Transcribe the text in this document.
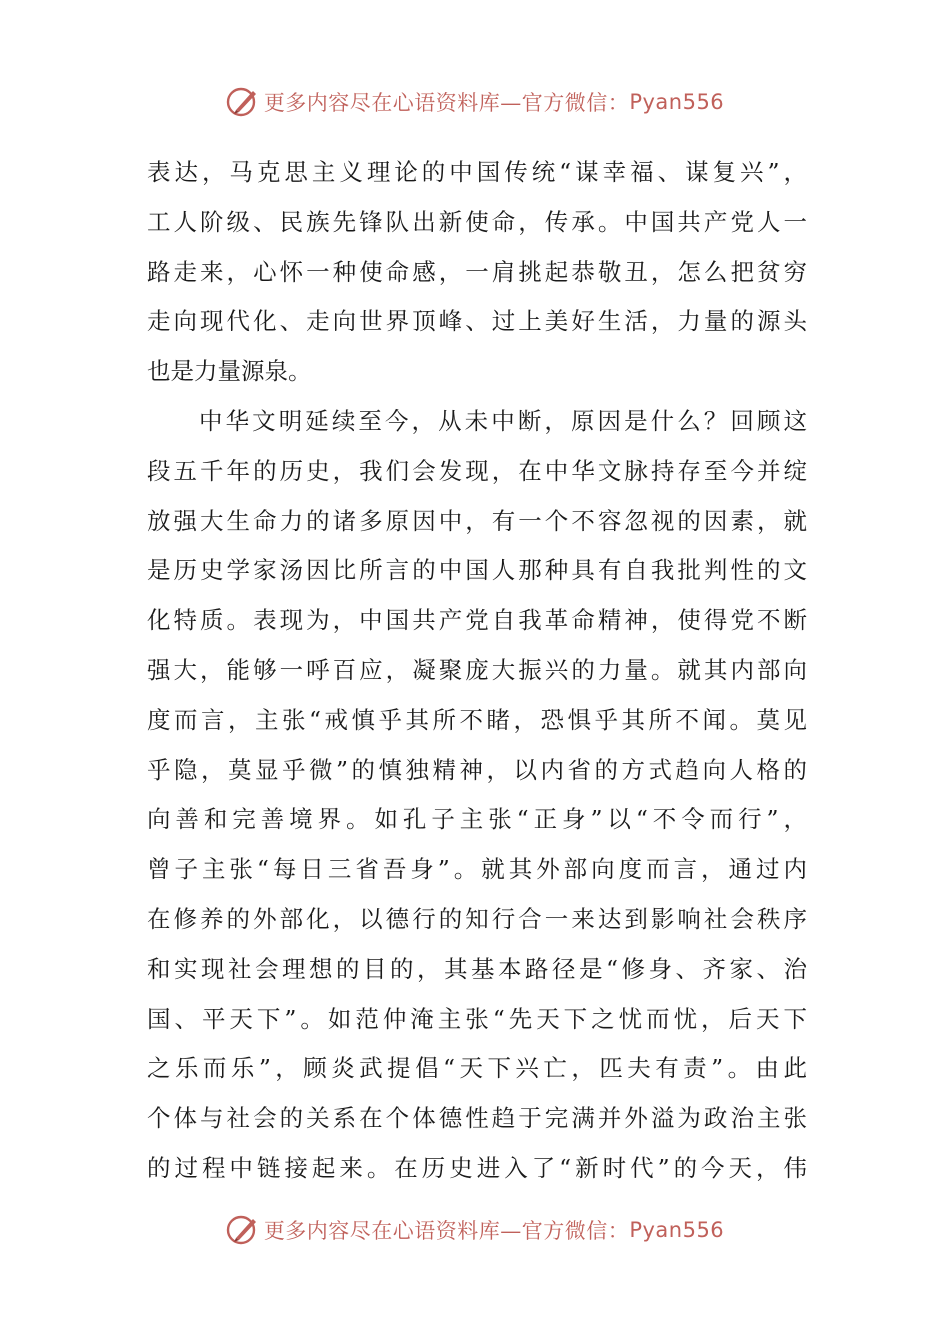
更多内容尽在心语资料库—官方微信： Pyan556
表达，马克思主义理论的中国传统“谋幸福、谋复兴”，
工人阶级、民族先锋队出新使命，传承。中国共产党人一
路走来，心怀一种使命感，一肩挑起恭敬丑，怎么把贫穷
走向现代化、走向世界顶峰、过上美好生活，力量的源头
也是力量源泉。
中华文明延续至今，从未中断，原因是什么？回顾这
段五千年的历史，我们会发现，在中华文脉持存至今并绽
放强大生命力的诸多原因中，有一个不容忽视的因素，就
是历史学家汤因比所言的中国人那种具有自我批判性的文
化特质。表现为，中国共产党自我革命精神，使得党不断
强大，能够一呼百应，凝聚庞大振兴的力量。就其内部向
度而言，主张“戒慎乎其所不睹，恐惧乎其所不闻。莫见
乎隐，莫显乎微”的慎独精神，以内省的方式趋向人格的
向善和完善境界。如孔子主张“正身”以“不令而行”，
曾子主张“每日三省吾身”。就其外部向度而言，通过内
在修养的外部化，以德行的知行合一来达到影响社会秩序
和实现社会理想的目的，其基本路径是“修身、齐家、治
国、平天下”。如范仲淹主张“先天下之忧而忧，后天下
之乐而乐”，顾炎武提倡“天下兴亡，匹夫有责”。由此
个体与社会的关系在个体德性趋于完满并外溢为政治主张
的过程中链接起来。在历史进入了“新时代”的今天，伟
更多内容尽在心语资料库—官方微信： Pyan556
